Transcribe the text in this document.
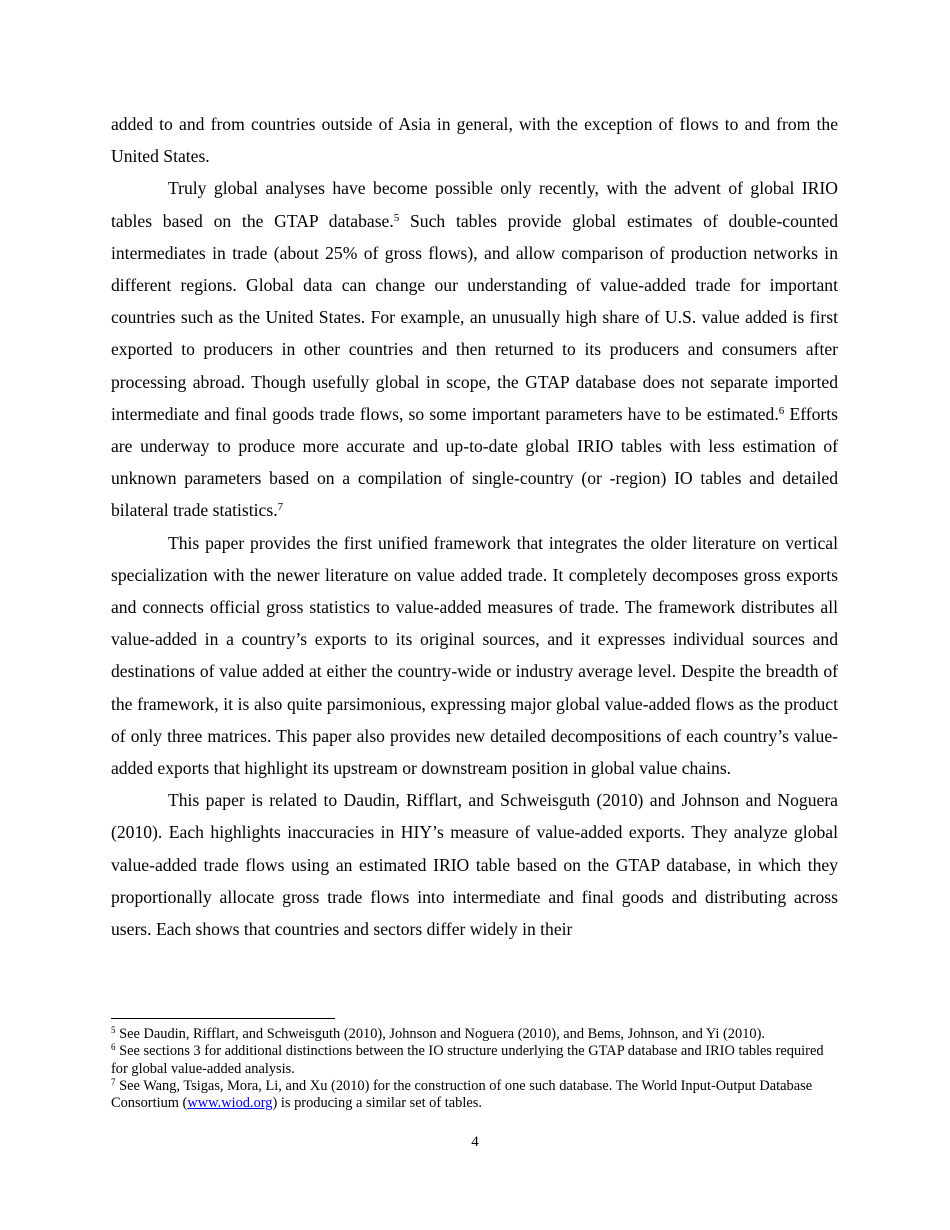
added to and from countries outside of Asia in general, with the exception of flows to and from the United States.

Truly global analyses have become possible only recently, with the advent of global IRIO tables based on the GTAP database.$^5$ Such tables provide global estimates of double-counted intermediates in trade (about 25% of gross flows), and allow comparison of production networks in different regions. Global data can change our understanding of value-added trade for important countries such as the United States. For example, an unusually high share of U.S. value added is first exported to producers in other countries and then returned to its producers and consumers after processing abroad. Though usefully global in scope, the GTAP database does not separate imported intermediate and final goods trade flows, so some important parameters have to be estimated.$^6$ Efforts are underway to produce more accurate and up-to-date global IRIO tables with less estimation of unknown parameters based on a compilation of single-country (or -region) IO tables and detailed bilateral trade statistics.$^7$

This paper provides the first unified framework that integrates the older literature on vertical specialization with the newer literature on value added trade. It completely decomposes gross exports and connects official gross statistics to value-added measures of trade. The framework distributes all value-added in a country’s exports to its original sources, and it expresses individual sources and destinations of value added at either the country-wide or industry average level. Despite the breadth of the framework, it is also quite parsimonious, expressing major global value-added flows as the product of only three matrices. This paper also provides new detailed decompositions of each country’s value-added exports that highlight its upstream or downstream position in global value chains.

This paper is related to Daudin, Rifflart, and Schweisguth (2010) and Johnson and Noguera (2010). Each highlights inaccuracies in HIY’s measure of value-added exports. They analyze global value-added trade flows using an estimated IRIO table based on the GTAP database, in which they proportionally allocate gross trade flows into intermediate and final goods and distributing across users. Each shows that countries and sectors differ widely in their

$^5$ See Daudin, Rifflart, and Schweisguth (2010), Johnson and Noguera (2010), and Bems, Johnson, and Yi (2010).

$^6$ See sections 3 for additional distinctions between the IO structure underlying the GTAP database and IRIO tables required for global value-added analysis.

$^7$ See Wang, Tsigas, Mora, Li, and Xu (2010) for the construction of one such database. The World Input-Output Database Consortium (www.wiod.org) is producing a similar set of tables.

4
